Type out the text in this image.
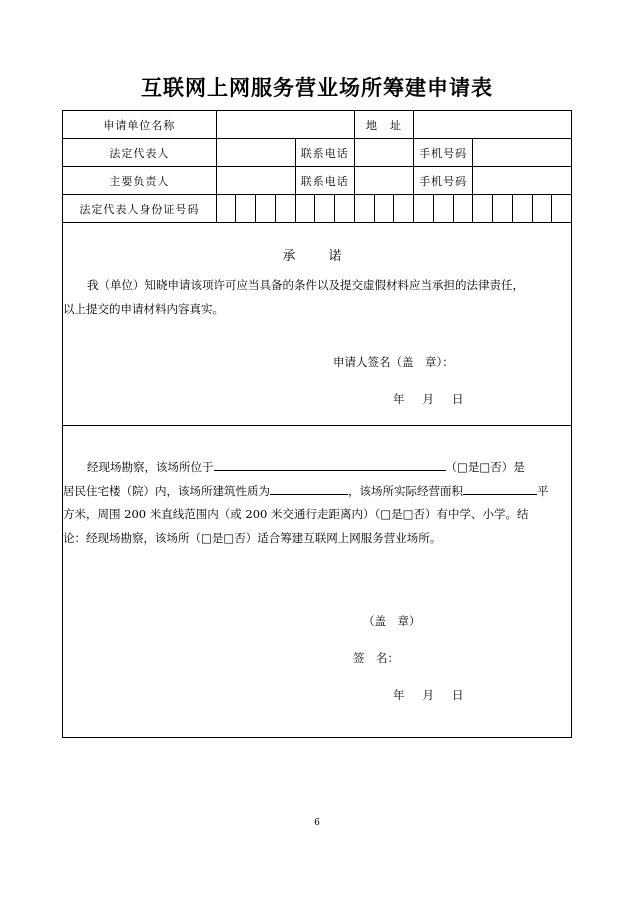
互联网上网服务营业场所筹建申请表
申请单位名称								地　址										
法定代表人					联系电话						手机号码							
主要负责人					联系电话						手机号码							
法定代表人身份证号码																		

承　诺

我（单位）知晓申请该项许可应当具备的条件以及提交虚假材料应当承担的法律责任，

以上提交的申请材料内容真实。

申请人签名（盖　章）：

年 月 日																		

经现场勘察，该场所位于	（□是□否）是

居民住宅楼（院）内，该场所建筑性质为	，该场所实际经营面积	平

方米，周围 200 米直线范围内（或 200 米交通行走距离内）（□是□否）有中学、小学。结

论：经现场勘察，该场所（□是□否）适合筹建互联网上网服务营业场所。

（盖　章）

签　名：

年 月 日

6
